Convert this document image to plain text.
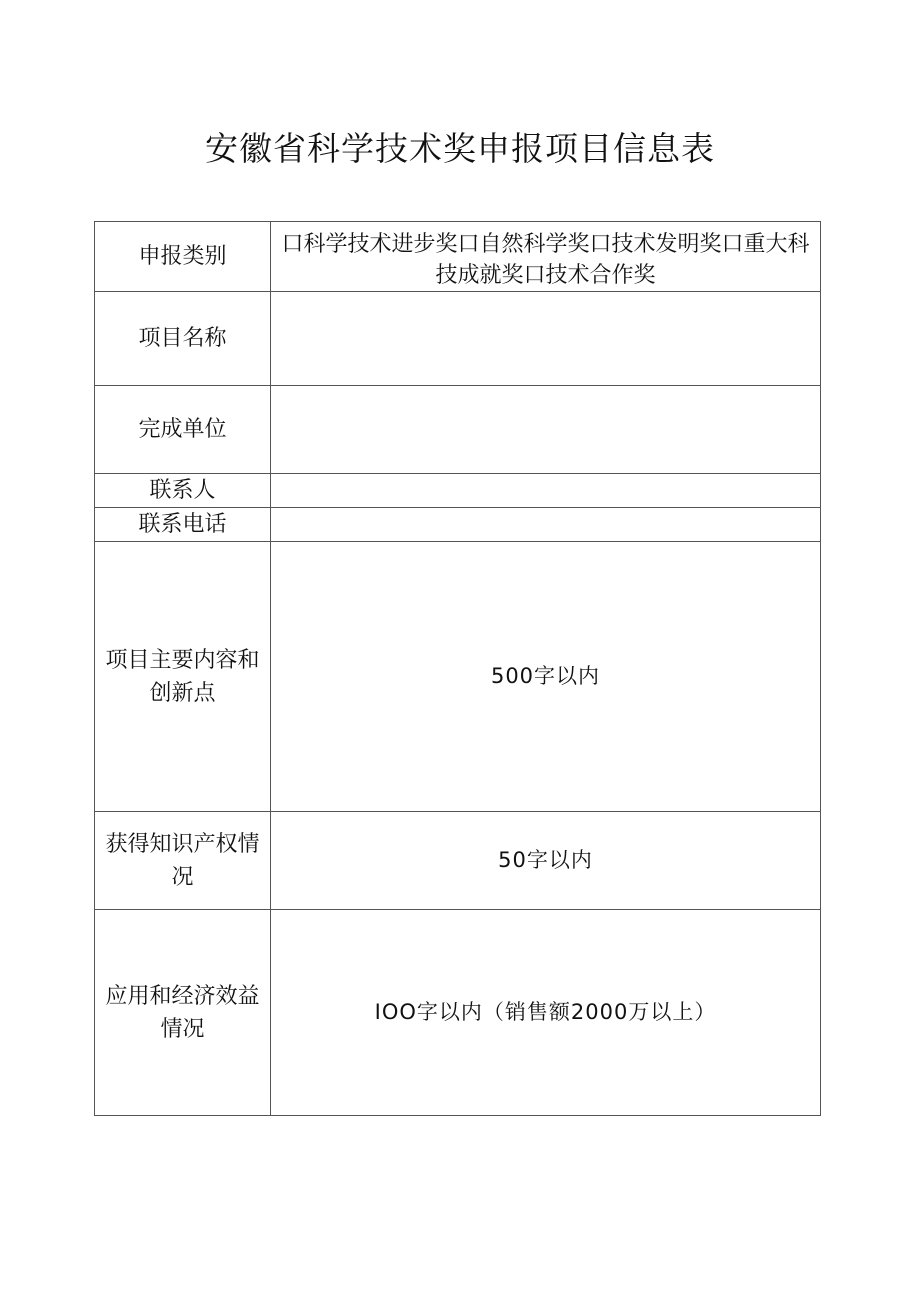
安徽省科学技术奖申报项目信息表
申报类别	口科学技术进步奖口自然科学奖口技术发明奖口重大科技成就奖口技术合作奖

项目名称	
完成单位	
联系人	
联系电话	
项目主要内容和创新点	500字以内
获得知识产权情况	50字以内
应用和经济效益情况	IOO字以内（销售额2000万以上）
